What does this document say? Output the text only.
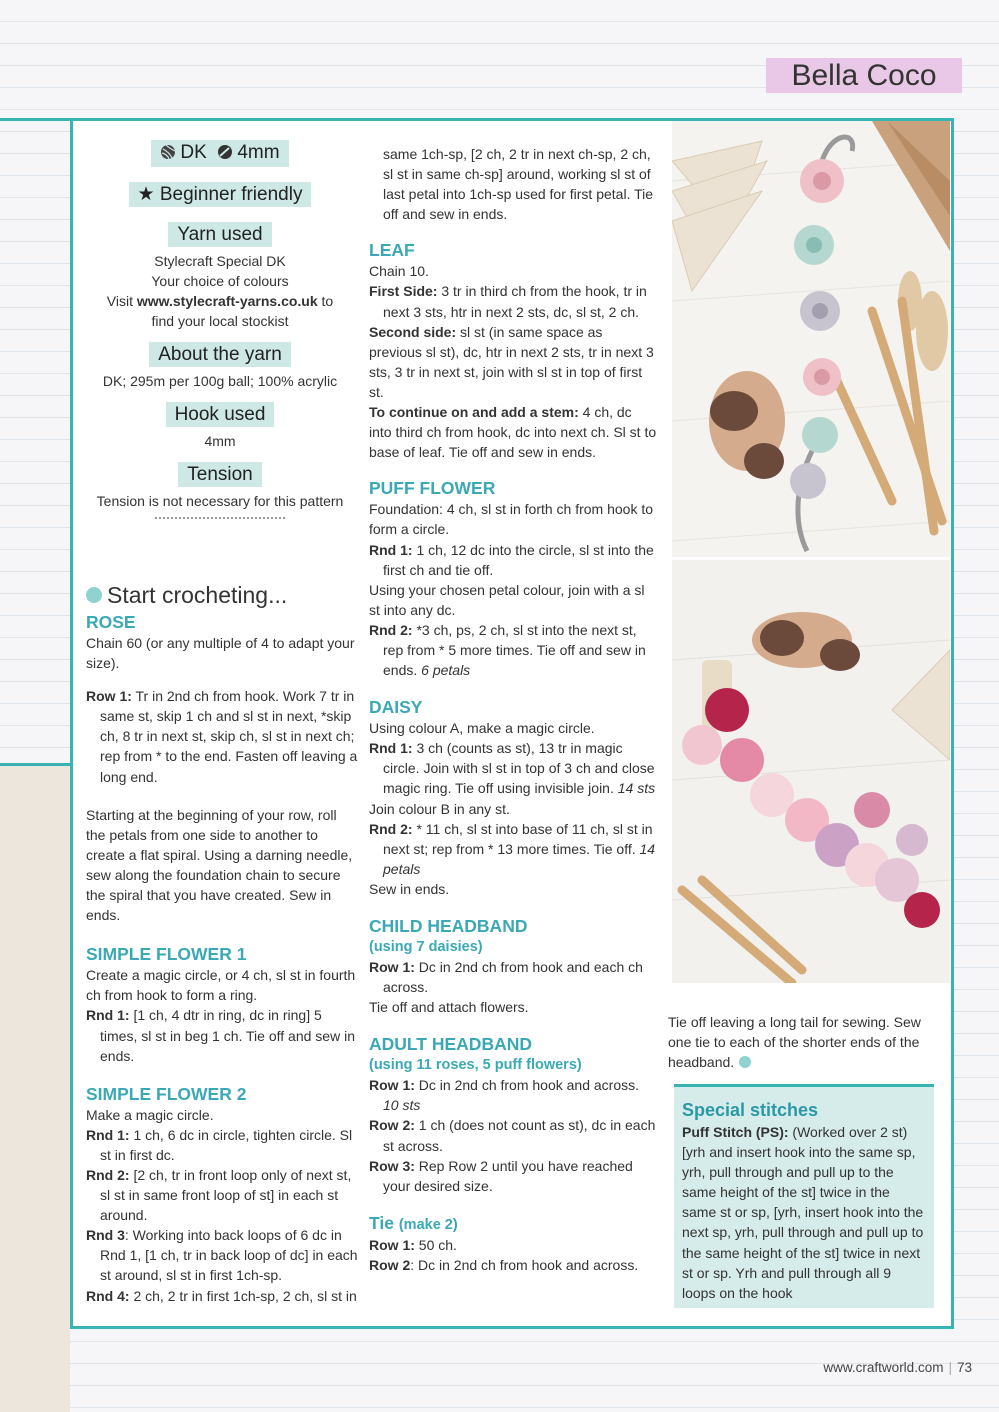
Bella Coco
DK 4mm
★ Beginner friendly
Yarn used

Stylecraft Special DK

Your choice of colours

Visit www.stylecraft-yarns.co.uk to

find your local stockist

About the yarn

DK; 295m per 100g ball; 100% acrylic

Hook used

4mm

Tension

Tension is not necessary for this pattern

Start crocheting...
ROSE

Chain 60 (or any multiple of 4 to adapt your size).

Row 1: Tr in 2nd ch from hook. Work 7 tr in same st, skip 1 ch and sl st in next, *skip ch, 8 tr in next st, skip ch, sl st in next ch; rep from * to the end. Fasten off leaving a long end.

Starting at the beginning of your row, roll the petals from one side to another to create a flat spiral. Using a darning needle, sew along the foundation chain to secure the spiral that you have created. Sew in ends.

SIMPLE FLOWER 1

Create a magic circle, or 4 ch, sl st in fourth ch from hook to form a ring.

Rnd 1: [1 ch, 4 dtr in ring, dc in ring] 5 times, sl st in beg 1 ch. Tie off and sew in ends.

SIMPLE FLOWER 2

Make a magic circle.

Rnd 1: 1 ch, 6 dc in circle, tighten circle. Sl st in first dc.

Rnd 2: [2 ch, tr in front loop only of next st, sl st in same front loop of st] in each st around.

Rnd 3: Working into back loops of 6 dc in Rnd 1, [1 ch, tr in back loop of dc] in each st around, sl st in first 1ch-sp.

Rnd 4: 2 ch, 2 tr in first 1ch-sp, 2 ch, sl st in

same 1ch-sp, [2 ch, 2 tr in next ch-sp, 2 ch, sl st in same ch-sp] around, working sl st of last petal into 1ch-sp used for first petal. Tie off and sew in ends.

LEAF

Chain 10.

First Side: 3 tr in third ch from the hook, tr in next 3 sts, htr in next 2 sts, dc, sl st, 2 ch.

Second side: sl st (in same space as previous sl st), dc, htr in next 2 sts, tr in next 3 sts, 3 tr in next st, join with sl st in top of first st.

To continue on and add a stem: 4 ch, dc into third ch from hook, dc into next ch. Sl st to base of leaf. Tie off and sew in ends.

PUFF FLOWER

Foundation: 4 ch, sl st in forth ch from hook to form a circle.

Rnd 1: 1 ch, 12 dc into the circle, sl st into the first ch and tie off.

Using your chosen petal colour, join with a sl st into any dc.

Rnd 2: *3 ch, ps, 2 ch, sl st into the next st, rep from * 5 more times. Tie off and sew in ends. 6 petals

DAISY

Using colour A, make a magic circle.

Rnd 1: 3 ch (counts as st), 13 tr in magic circle. Join with sl st in top of 3 ch and close magic ring. Tie off using invisible join. 14 sts

Join colour B in any st.

Rnd 2: * 11 ch, sl st into base of 11 ch, sl st in next st; rep from * 13 more times. Tie off. 14 petals

Sew in ends.

CHILD HEADBAND

(using 7 daisies)

Row 1: Dc in 2nd ch from hook and each ch across.

Tie off and attach flowers.

ADULT HEADBAND

(using 11 roses, 5 puff flowers)

Row 1: Dc in 2nd ch from hook and across. 10 sts

Row 2: 1 ch (does not count as st), dc in each st across.

Row 3: Rep Row 2 until you have reached your desired size.

Tie (make 2)

Row 1: 50 ch.

Row 2: Dc in 2nd ch from hook and across.

Tie off leaving a long tail for sewing. Sew one tie to each of the shorter ends of the headband.

Special stitches

Puff Stitch (PS): (Worked over 2 st) [yrh and insert hook into the same sp, yrh, pull through and pull up to the same height of the st] twice in the same st or sp, [yrh, insert hook into the next sp, yrh, pull through and pull up to the same height of the st] twice in next st or sp. Yrh and pull through all 9 loops on the hook

www.craftworld.com | 73
